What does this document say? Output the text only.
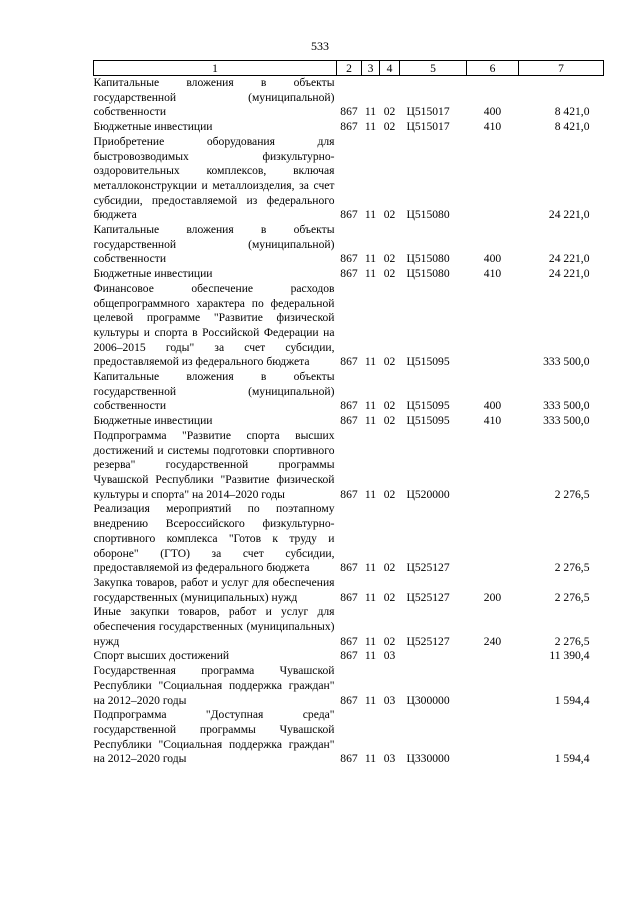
533
1	2	3	4	5	6	7
Капитальные вложения в объекты государственной (муниципальной) собственности	867	11	02	Ц515017	400	8 421,0
Бюджетные инвестиции	867	11	02	Ц515017	410	8 421,0
Приобретение оборудования для быстровозводимых физкультурно-оздоровительных комплексов, включая металлоконструкции и металлоизделия, за счет субсидии, предоставляемой из федерального бюджета	867	11	02	Ц515080		24 221,0
Капитальные вложения в объекты государственной (муниципальной) собственности	867	11	02	Ц515080	400	24 221,0
Бюджетные инвестиции	867	11	02	Ц515080	410	24 221,0
Финансовое обеспечение расходов общепрограммного характера по федеральной целевой программе "Развитие физической культуры и спорта в Российской Федерации на 2006–2015 годы" за счет субсидии, предоставляемой из федерального бюджета	867	11	02	Ц515095		333 500,0
Капитальные вложения в объекты государственной (муниципальной) собственности	867	11	02	Ц515095	400	333 500,0
Бюджетные инвестиции	867	11	02	Ц515095	410	333 500,0
Подпрограмма "Развитие спорта высших достижений и системы подготовки спортивного резерва" государственной программы Чувашской Республики "Развитие физической культуры и спорта" на 2014–2020 годы	867	11	02	Ц520000		2 276,5
Реализация мероприятий по поэтапному внедрению Всероссийского физкультурно-спортивного комплекса "Готов к труду и обороне" (ГТО) за счет субсидии, предоставляемой из федерального бюджета	867	11	02	Ц525127		2 276,5
Закупка товаров, работ и услуг для обеспечения государственных (муниципальных) нужд	867	11	02	Ц525127	200	2 276,5
Иные закупки товаров, работ и услуг для обеспечения государственных (муниципальных) нужд	867	11	02	Ц525127	240	2 276,5
Спорт высших достижений	867	11	03			11 390,4
Государственная программа Чувашской Республики "Социальная поддержка граждан" на 2012–2020 годы	867	11	03	Ц300000		1 594,4
Подпрограмма "Доступная среда" государственной программы Чувашской Республики "Социальная поддержка граждан" на 2012–2020 годы	867	11	03	Ц330000		1 594,4
